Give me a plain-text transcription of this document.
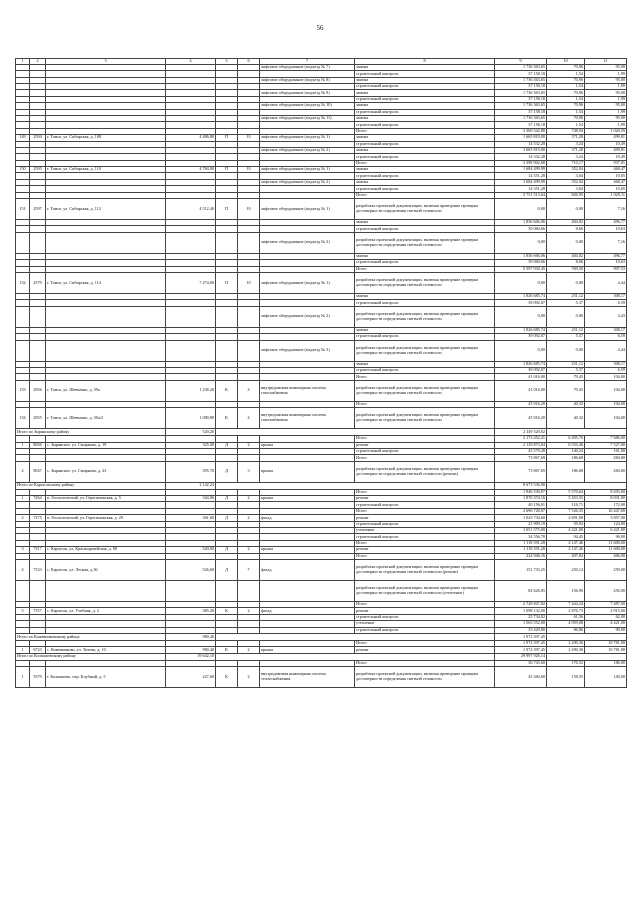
56
1	2	3	4	5	6	7	8	9	10	11
						лифтовое оборудование (подъезд № 7)	замена	1 736 363,65	70,96	95,00
							строительный контроль	37 158,18	1,54	1,99
						лифтовое оборудование (подъезд № 8)	замена	1 736 363,65	70,96	95,00
							строительный контроль	37 158,18	1,54	1,99
						лифтовое оборудование (подъезд № 9)	замена	1 736 363,65	70,96	95,00
							строительный контроль	37 158,18	1,54	1,99
						лифтовое оборудование (подъезд № 10)	замена	1 736 363,65	70,96	95,00
							строительный контроль	37 158,18	1,54	1,99
						лифтовое оборудование (подъезд № 11)	замена	1 736 363,65	70,96	95,00
							строительный контроль	37 158,18	1,54	1,99
							Итого	3 360 542,88	748,94	1 020,59
149	2594	г. Томск, ул. Сибирская, д. 108	4 486,80	П	10	лифтовое оборудование (подъезд № 1)	замена	1 665 819,00	371,28	499,81
							строительный контроль	14 532,28	3,24	10,49
						лифтовое оборудование (подъезд № 2)	замена	1 665 819,00	371,28	499,81
							строительный контроль	14 532,28	3,24	10,49
							Итого	3 398 902,68	710,17	937,01
150	2595	г. Томск, ул. Сибирская, д. 110	4 784,90	П	10	лифтовое оборудование (подъезд № 1)	замена	1 684 499,99	352,04	468,47
							строительный контроль	14 551,28	3,04	10,05
						лифтовое оборудование (подъезд № 2)	замена	1 684 499,99	352,04	468,47
							строительный контроль	14 551,28	3,04	10,05
							Итого	3 751 513,64	826,95	1 029,11
151	2597	г. Томск, ул. Сибирская, д. 112	4 512,40	П	10	лифтовое оборудование (подъезд № 1)	разработка проектной документации, включая проведение проверки достоверности определения сметной стоимости	0,00	0,00	7,16
							замена	1 836 666,06	404,82	496,77
							строительный контроль	39 060,66	8,66	10,63
						лифтовое оборудование (подъезд № 2)	разработка проектной документации, включая проведение проверки достоверности определения сметной стоимости	0,00	0,00	7,16
							замена	1 836 666,06	404,82	496,77
							строительный контроль	39 060,66	8,66	10,63
							Итого	5 597 930,45	769,50	997,53
152	2579	г. Томск, ул. Сибирская, д. 114	7 274,00	П	10	лифтовое оборудование (подъезд № 1)	разработка проектной документации, включая проведение проверки достоверности определения сметной стоимости	0,00	0,00	4,44
							замена	1 826 685,74	251,12	308,17
							строительный контроль	39 092,07	5,37	6,59
						лифтовое оборудование (подъезд № 2)	разработка проектной документации, включая проведение проверки достоверности определения сметной стоимости	0,00	0,00	4,43
							замена	1 826 685,74	251,12	308,17
							строительный контроль	39 092,07	5,37	6,59
						лифтовое оборудование (подъезд № 3)	разработка проектной документации, включая проведение проверки достоверности определения сметной стоимости	0,00	0,00	4,44
							замена	1 826 685,74	251,12	308,17
							строительный контроль	39 092,07	5,37	6,59
							Итого	41 016,00	79,45	104,00
153	2956	г. Томск, ул. Шевченко, д. 39а	1 238,20	К	4	внутридомовая инженерная система газоснабжения	разработка проектной документации, включая проведение проверки достоверности определения сметной стоимости	41 016,00	79,45	104,00
							Итого	45 916,20	40,32	104,00
154	2955	г. Томск, ул. Шевченко, д. 39а/2	1 089,80	К	4	внутридомовая инженерная система газоснабжения	разработка проектной документации, включая проведение проверки достоверности определения сметной стоимости	45 916,20	40,32	104,00
Итого по Зырянскому району			520,20					2 349 520,02		
							Итого	2 173 452,21	6 495,70	7 686,00
1	8046	с. Зырянское, ул. Смирнова, д. 19	325,00	Д	2	крыша	ремонт	2 129 873,04	6 553,46	7 527,00
							строительный контроль	45 579,28	140,24	161,00
							Итого	73 867,69	186,68	260,00
2	8047	с. Зырянское, ул. Смирнова, д. 23	395,70	Д	3	крыша	разработка проектной документации, включая проведение проверки достоверности определения сметной стоимости (ремонт)	73 867,69	186,68	260,00
Итого по Каргасокскому району			2 142,24					8 673 536,90		
							Итого	1 946 530,07	5 570,64	8 203,00
1	7264	п. Геологический, ул. Герасимовская, д. 5	344,06	Д	2	крыша	ремонт	1 876 374,16	5 453,55	8 031,00
							строительный контроль	40 156,01	116,71	172,00
							Итого	2 696 728,07	7 526,35	10 447,00
2	7275	п. Геологический, ул. Герасимовская, д. 29	361,60	Д	2	фасад	ремонт	1 023 734,60	2 691,08	3 857,00
							строительный контроль	21 909,19	59,94	124,00
							утепление	1 651 575,00	4 421,00	6 421,00
							строительный контроль	34 556,78	94,45	96,00
							Итого	1 118 591,28	2 147,46	11 600,00
3	7317	с. Каргасок, ул. Красноармейская, д. 80	520,90	Д	2	крыша	ремонт	1 118 591,28	2 147,46	11 600,00
							Итого	224 946,16	407,84	466,00
4	7333	с. Каргасок, ул. Лесная, д.36	526,60	Д	7	фасад	разработка проектной документации, включая проведение проверки достоверности определения сметной стоимости (ремонт)	151 733,25	250,14	259,00
							разработка проектной документации, включая проведение проверки достоверности определения сметной стоимости (утепление)	82 626,05	156,90	256,00
							Итого	2 728 847,82	7 444,24	7 487,00
5	7357	с. Каргасок, ул. Учебная, д. 2	385,20	К	2	фасад	ремонт	1 098 132,00	2 876,73	2 915,00
							строительный контроль	25 734,02	61,56	62,00
							утепление	1 563 552,00	4 059,08	4 421,00
							строительный контроль	33 429,80	86,86	90,00
Итого по Кожевниковскому району			980,40					1 972 397,45		
							Итого	1 972 397,45	2 290,36	10 781,00
1	6723	с. Кожевниково, ул. Титова, д. 10	980,40	К	2	крыша	ремонт	1 972 397,45	2 290,36	10 781,00
Итого по Колпашевскому району			19 642,10					29 997 926,14		
							Итого	36 743,60	176,52	186,00
1	5579	г. Колпашево, пер. Клубный, д. 5	227,60	К	2	внутридомовая инженерная система теплоснабжения	разработка проектной документации, включая проведение проверки достоверности определения сметной стоимости	45 360,60	158,55	140,00
